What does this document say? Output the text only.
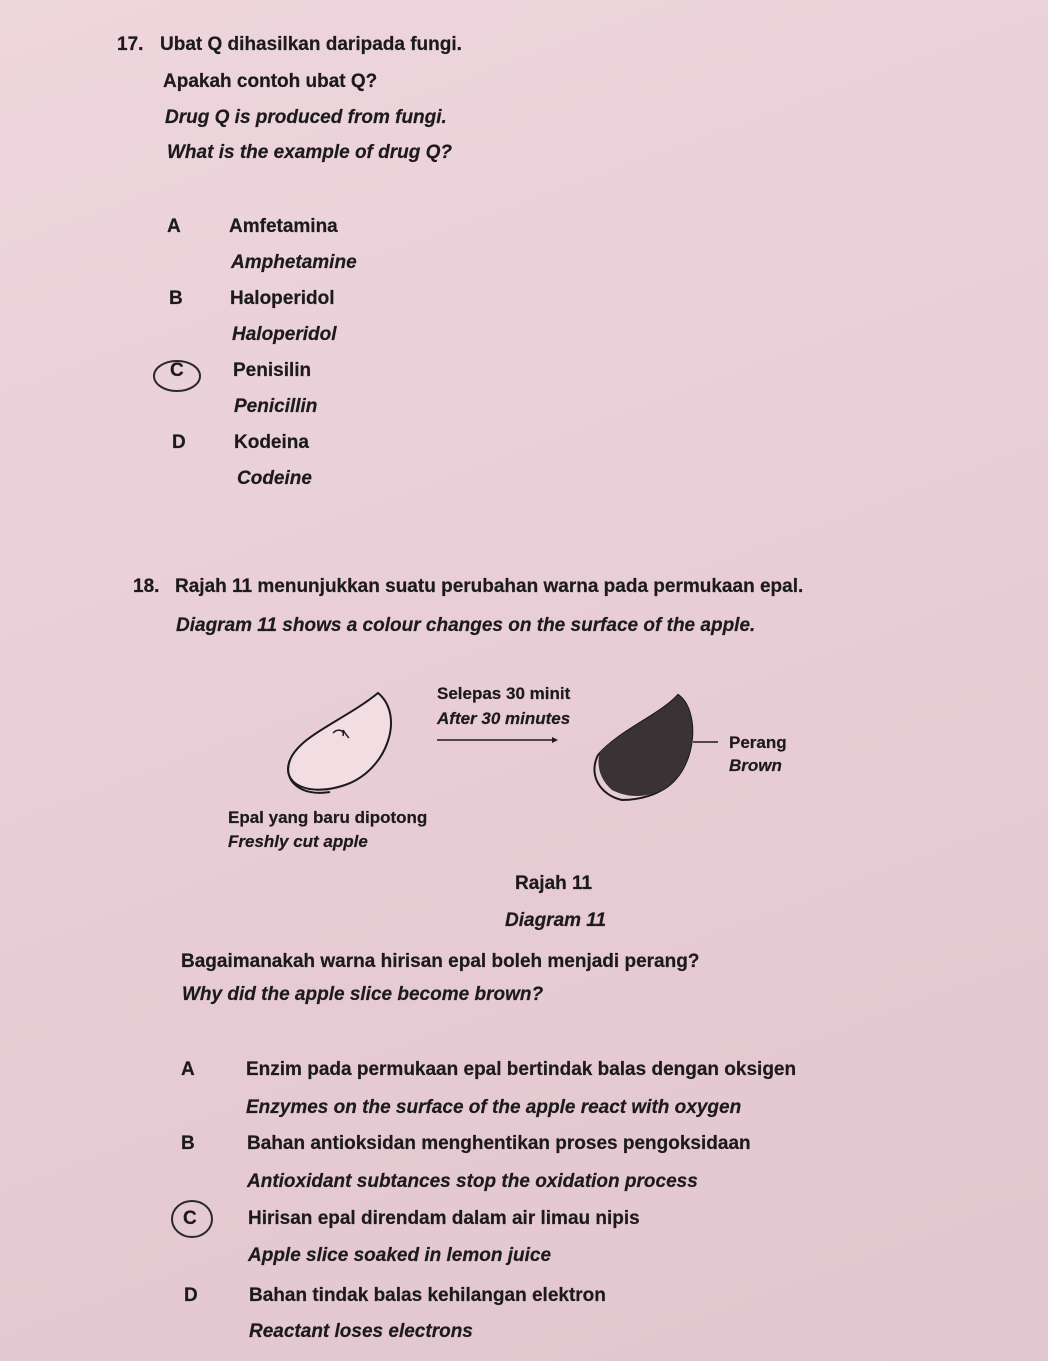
17. Ubat Q dihasilkan daripada fungi.
Apakah contoh ubat Q?
Drug Q is produced from fungi.
What is the example of drug Q?
A	Amfetamina
Amphetamine
B Haloperidol
Haloperidol
C	Penisilin
Penicillin
D	Kodeina
Codeine
18. Rajah 11 menunjukkan suatu perubahan warna pada permukaan epal.
Diagram 11 shows a colour changes on the surface of the apple.
Selepas 30 minit
After 30 minutes
Perang
Brown
Epal yang baru dipotong
Freshly cut apple
Rajah 11
Diagram 11
Bagaimanakah warna hirisan epal boleh menjadi perang?
Why did the apple slice become brown?
A	Enzim pada permukaan epal bertindak balas dengan oksigen
Enzymes on the surface of the apple react with oxygen
B	Bahan antioksidan menghentikan proses pengoksidaan
Antioxidant subtances stop the oxidation process
C	Hirisan epal direndam dalam air limau nipis
Apple slice soaked in lemon juice
D	Bahan tindak balas kehilangan elektron
Reactant loses electrons
